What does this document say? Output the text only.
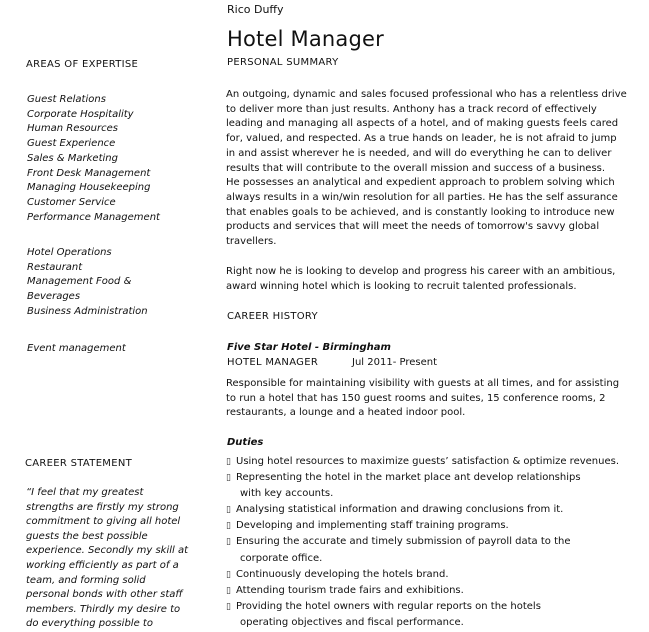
Rico Duffy
Hotel Manager
AREAS OF EXPERTISE
Guest Relations
Corporate Hospitality
Human Resources
Guest Experience
Sales & Marketing
Front Desk Management
Managing Housekeeping
Customer Service
Performance Management
Hotel Operations
Restaurant
Management Food &
Beverages
Business Administration
Event management
CAREER STATEMENT
“I feel that my greatest
strengths are firstly my strong
commitment to giving all hotel
guests the best possible
experience. Secondly my skill at
working efficiently as part of a
team, and forming solid
personal bonds with other staff
members. Thirdly my desire to
do everything possible to
PERSONAL SUMMARY
An outgoing, dynamic and sales focused professional who has a relentless drive
to deliver more than just results. Anthony has a track record of effectively
leading and managing all aspects of a hotel, and of making guests feels cared
for, valued, and respected. As a true hands on leader, he is not afraid to jump
in and assist wherever he is needed, and will do everything he can to deliver
results that will contribute to the overall mission and success of a business.
He possesses an analytical and expedient approach to problem solving which
always results in a win/win resolution for all parties. He has the self assurance
that enables goals to be achieved, and is constantly looking to introduce new
products and services that will meet the needs of tomorrow's savvy global
travellers.
Right now he is looking to develop and progress his career with an ambitious,
award winning hotel which is looking to recruit talented professionals.
CAREER HISTORY
Five Star Hotel - Birmingham
HOTEL MANAGER	Jul 2011- Present
Responsible for maintaining visibility with guests at all times, and for assisting
to run a hotel that has 150 guest rooms and suites, 15 conference rooms, 2
restaurants, a lounge and a heated indoor pool.
Duties
▯ Using hotel resources to maximize guests’ satisfaction & optimize revenues.
▯ Representing the hotel in the market place ant develop relationships
with key accounts.
▯ Analysing statistical information and drawing conclusions from it.
▯ Developing and implementing staff training programs.
▯ Ensuring the accurate and timely submission of payroll data to the
corporate office.
▯ Continuously developing the hotels brand.
▯ Attending tourism trade fairs and exhibitions.
▯ Providing the hotel owners with regular reports on the hotels
operating objectives and fiscal performance.
